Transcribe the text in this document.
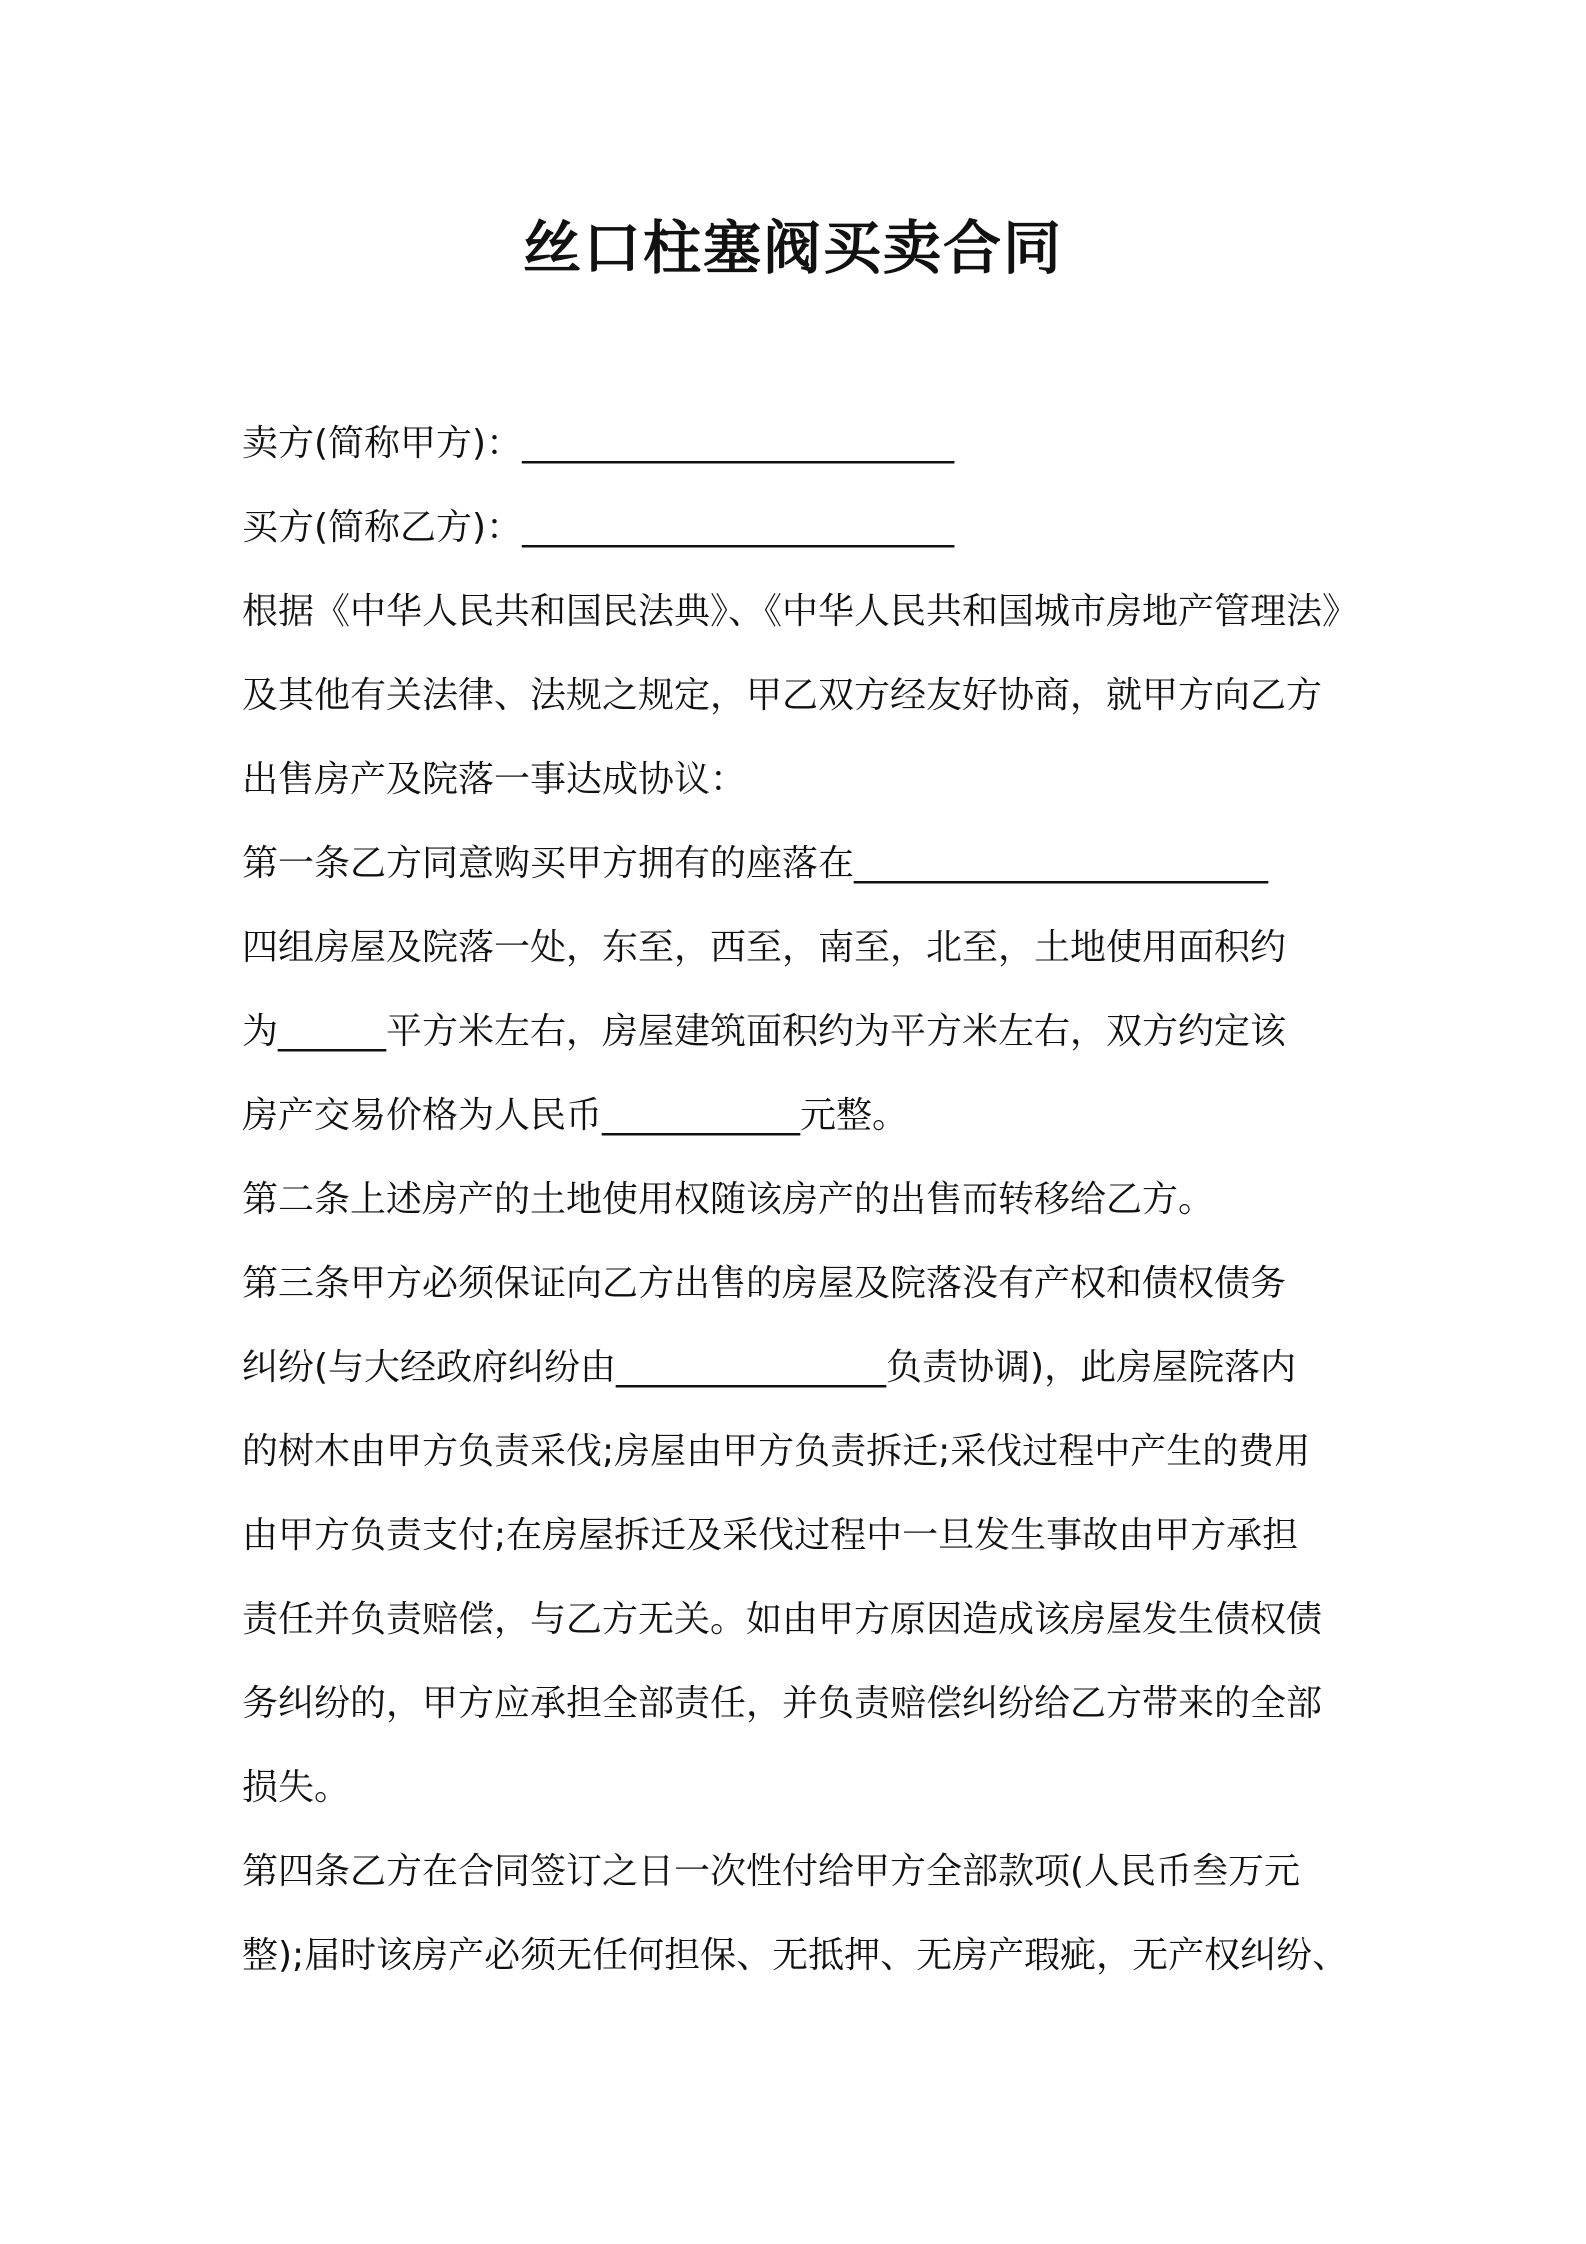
丝口柱塞阀买卖合同
卖方(简称甲方)：________________________
买方(简称乙方)：________________________
根据《中华人民共和国民法典》、《中华人民共和国城市房地产管理法》
及其他有关法律、法规之规定，甲乙双方经友好协商，就甲方向乙方
出售房产及院落一事达成协议：
第一条乙方同意购买甲方拥有的座落在_______________________
四组房屋及院落一处，东至，西至，南至，北至，土地使用面积约
为______平方米左右，房屋建筑面积约为平方米左右，双方约定该
房产交易价格为人民币___________元整。
第二条上述房产的土地使用权随该房产的出售而转移给乙方。
第三条甲方必须保证向乙方出售的房屋及院落没有产权和债权债务
纠纷(与大经政府纠纷由_______________负责协调)，此房屋院落内
的树木由甲方负责采伐;房屋由甲方负责拆迁;采伐过程中产生的费用
由甲方负责支付;在房屋拆迁及采伐过程中一旦发生事故由甲方承担
责任并负责赔偿，与乙方无关。如由甲方原因造成该房屋发生债权债
务纠纷的，甲方应承担全部责任，并负责赔偿纠纷给乙方带来的全部
损失。
第四条乙方在合同签订之日一次性付给甲方全部款项(人民币叁万元
整);届时该房产必须无任何担保、无抵押、无房产瑕疵，无产权纠纷、
